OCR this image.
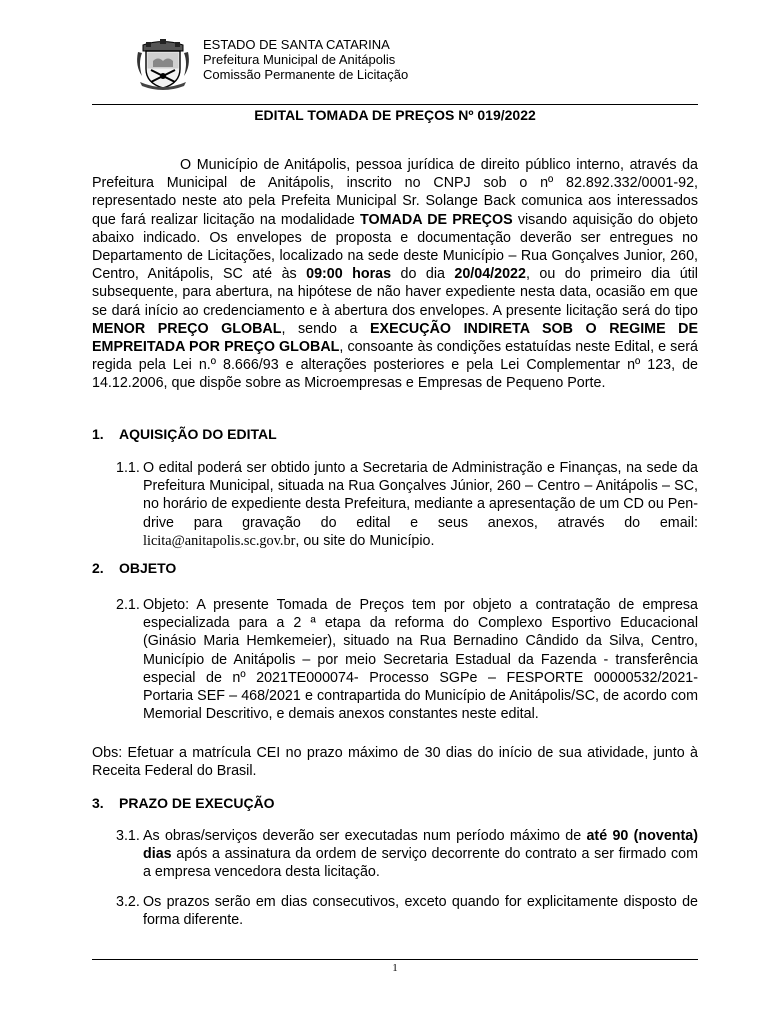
ESTADO DE SANTA CATARINA
Prefeitura Municipal de Anitápolis
Comissão Permanente de Licitação
EDITAL TOMADA DE PREÇOS Nº 019/2022
O Município de Anitápolis, pessoa jurídica de direito público interno, através da Prefeitura Municipal de Anitápolis, inscrito no CNPJ sob o nº 82.892.332/0001-92, representado neste ato pela Prefeita Municipal Sr. Solange Back comunica aos interessados que fará realizar licitação na modalidade TOMADA DE PREÇOS visando aquisição do objeto abaixo indicado. Os envelopes de proposta e documentação deverão ser entregues no Departamento de Licitações, localizado na sede deste Município – Rua Gonçalves Junior, 260, Centro, Anitápolis, SC até às 09:00 horas do dia 20/04/2022, ou do primeiro dia útil subsequente, para abertura, na hipótese de não haver expediente nesta data, ocasião em que se dará início ao credenciamento e à abertura dos envelopes. A presente licitação será do tipo MENOR PREÇO GLOBAL, sendo a EXECUÇÃO INDIRETA SOB O REGIME DE EMPREITADA POR PREÇO GLOBAL, consoante às condições estatuídas neste Edital, e será regida pela Lei n.º 8.666/93 e alterações posteriores e pela Lei Complementar nº 123, de 14.12.2006, que dispõe sobre as Microempresas e Empresas de Pequeno Porte.
1. AQUISIÇÃO DO EDITAL
1.1. O edital poderá ser obtido junto a Secretaria de Administração e Finanças, na sede da Prefeitura Municipal, situada na Rua Gonçalves Júnior, 260 – Centro – Anitápolis – SC, no horário de expediente desta Prefeitura, mediante a apresentação de um CD ou Pen-drive para gravação do edital e seus anexos, através do email: licita@anitapolis.sc.gov.br, ou site do Município.
2. OBJETO
2.1. Objeto: A presente Tomada de Preços tem por objeto a contratação de empresa especializada para a 2 ª etapa da reforma do Complexo Esportivo Educacional (Ginásio Maria Hemkemeier), situado na Rua Bernadino Cândido da Silva, Centro, Município de Anitápolis – por meio Secretaria Estadual da Fazenda - transferência especial de nº 2021TE000074- Processo SGPe – FESPORTE 00000532/2021- Portaria SEF – 468/2021 e contrapartida do Município de Anitápolis/SC, de acordo com Memorial Descritivo, e demais anexos constantes neste edital.
Obs: Efetuar a matrícula CEI no prazo máximo de 30 dias do início de sua atividade, junto à Receita Federal do Brasil.
3. PRAZO DE EXECUÇÃO
3.1. As obras/serviços deverão ser executadas num período máximo de até 90 (noventa) dias após a assinatura da ordem de serviço decorrente do contrato a ser firmado com a empresa vencedora desta licitação.
3.2. Os prazos serão em dias consecutivos, exceto quando for explicitamente disposto de forma diferente.
1
